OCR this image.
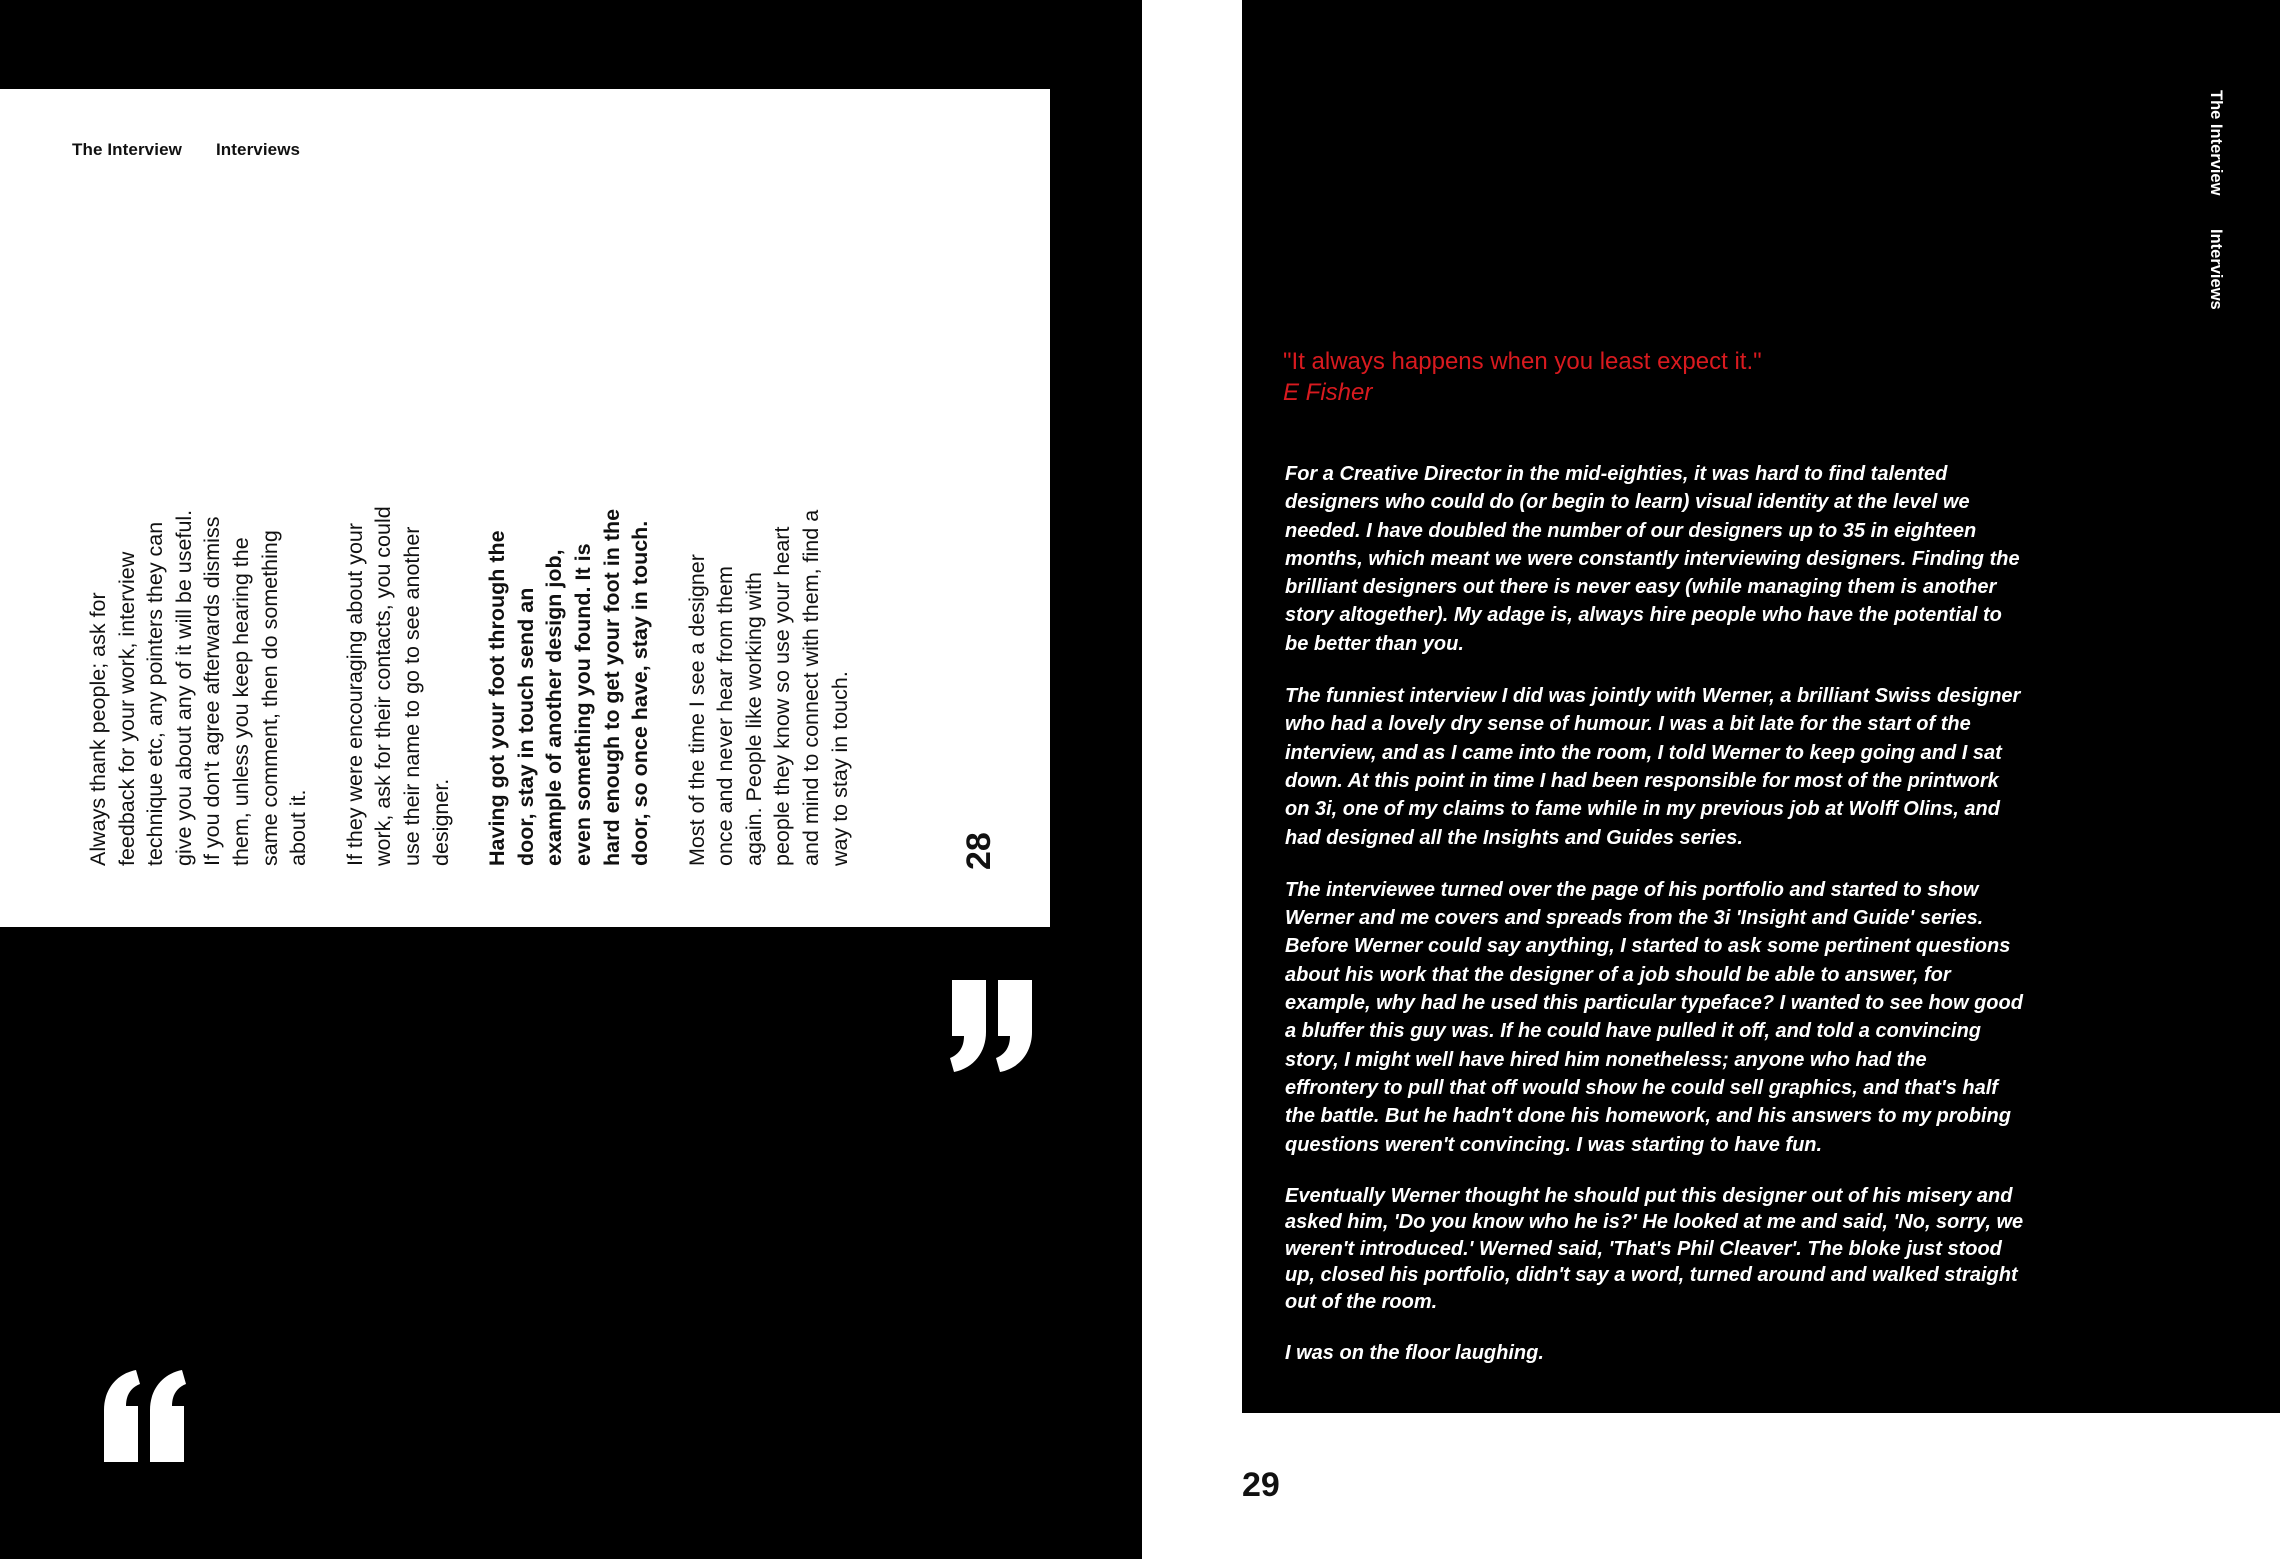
The Interview Interviews

Always thank people; ask for feedback for your work, interview technique etc, any pointers they can give you about any of it will be useful. If you don't agree afterwards dismiss them, unless you keep hearing the same comment, then do something about it. If they were encouraging about your work, ask for their contacts, you could use their name to go to see another designer. Having got your foot through the door, stay in touch send an example of another design job, even something you found. It is hard enough to get your foot in the door, so once have, stay in touch. Most of the time I see a designer once and never hear from them again. People like working with people they know so use your heart and mind to connect with them, find a way to stay in touch.	28
The Interview
Interviews
"It always happens when you least expect it."
E Fisher

For a Creative Director in the mid-eighties, it was hard to find talented designers who could do (or begin to learn) visual identity at the level we needed. I have doubled the number of our designers up to 35 in eighteen months, which meant we were constantly interviewing designers. Finding the brilliant designers out there is never easy (while managing them is another story altogether). My adage is, always hire people who have the potential to be better than you.

The funniest interview I did was jointly with Werner, a brilliant Swiss designer who had a lovely dry sense of humour. I was a bit late for the start of the interview, and as I came into the room, I told Werner to keep going and I sat down. At this point in time I had been responsible for most of the printwork on 3i, one of my claims to fame while in my previous job at Wolff Olins, and had designed all the Insights and Guides series.

The interviewee turned over the page of his portfolio and started to show Werner and me covers and spreads from the 3i 'Insight and Guide' series. Before Werner could say anything, I started to ask some pertinent questions about his work that the designer of a job should be able to answer, for example, why had he used this particular typeface? I wanted to see how good a bluffer this guy was. If he could have pulled it off, and told a convincing story, I might well have hired him nonetheless; anyone who had the effrontery to pull that off would show he could sell graphics, and that's half the battle. But he hadn't done his homework, and his answers to my probing questions weren't convincing. I was starting to have fun.

Eventually Werner thought he should put this designer out of his misery and asked him, 'Do you know who he is?' He looked at me and said, 'No, sorry, we weren't introduced.' Werned said, 'That's Phil Cleaver'. The bloke just stood up, closed his portfolio, didn't say a word, turned around and walked straight out of the room.

I was on the floor laughing.

29
